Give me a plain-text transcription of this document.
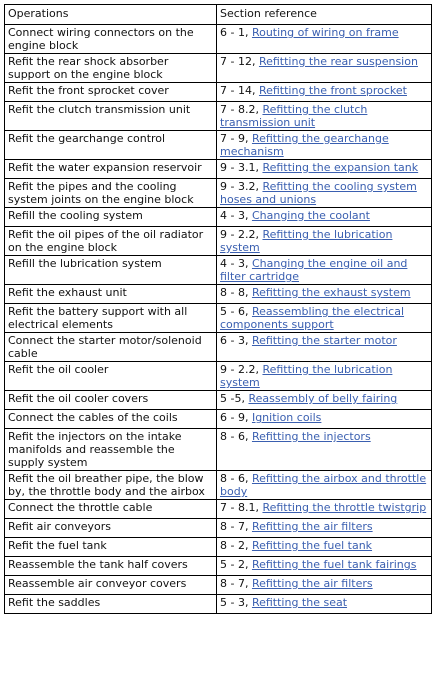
Operations	Section reference
Connect wiring connectors on the engine block	6 - 1, Routing of wiring on frame
Refit the rear shock absorber support on the engine block	7 - 12, Refitting the rear suspension
Refit the front sprocket cover	7 - 14, Refitting the front sprocket
Refit the clutch transmission unit	7 - 8.2, Refitting the clutch transmission unit
Refit the gearchange control	7 - 9, Refitting the gearchange mechanism
Refit the water expansion reservoir	9 - 3.1, Refitting the expansion tank
Refit the pipes and the cooling system joints on the engine block	9 - 3.2, Refitting the cooling system hoses and unions
Refill the cooling system	4 - 3, Changing the coolant
Refit the oil pipes of the oil radiator on the engine block	9 - 2.2, Refitting the lubrication system
Refill the lubrication system	4 - 3, Changing the engine oil and filter cartridge
Refit the exhaust unit	8 - 8, Refitting the exhaust system
Refit the battery support with all electrical elements	5 - 6, Reassembling the electrical components support
Connect the starter motor/solenoid cable	6 - 3, Refitting the starter motor
Refit the oil cooler	9 - 2.2, Refitting the lubrication system
Refit the oil cooler covers	5 -5, Reassembly of belly fairing
Connect the cables of the coils	6 - 9, Ignition coils
Refit the injectors on the intake manifolds and reassemble the supply system	8 - 6, Refitting the injectors
Refit the oil breather pipe, the blow by, the throttle body and the airbox	8 - 6, Refitting the airbox and throttle body
Connect the throttle cable	7 - 8.1, Refitting the throttle twistgrip
Refit air conveyors	8 - 7, Refitting the air filters
Refit the fuel tank	8 - 2, Refitting the fuel tank
Reassemble the tank half covers	5 - 2, Refitting the fuel tank fairings
Reassemble air conveyor covers	8 - 7, Refitting the air filters
Refit the saddles	5 - 3, Refitting the seat
